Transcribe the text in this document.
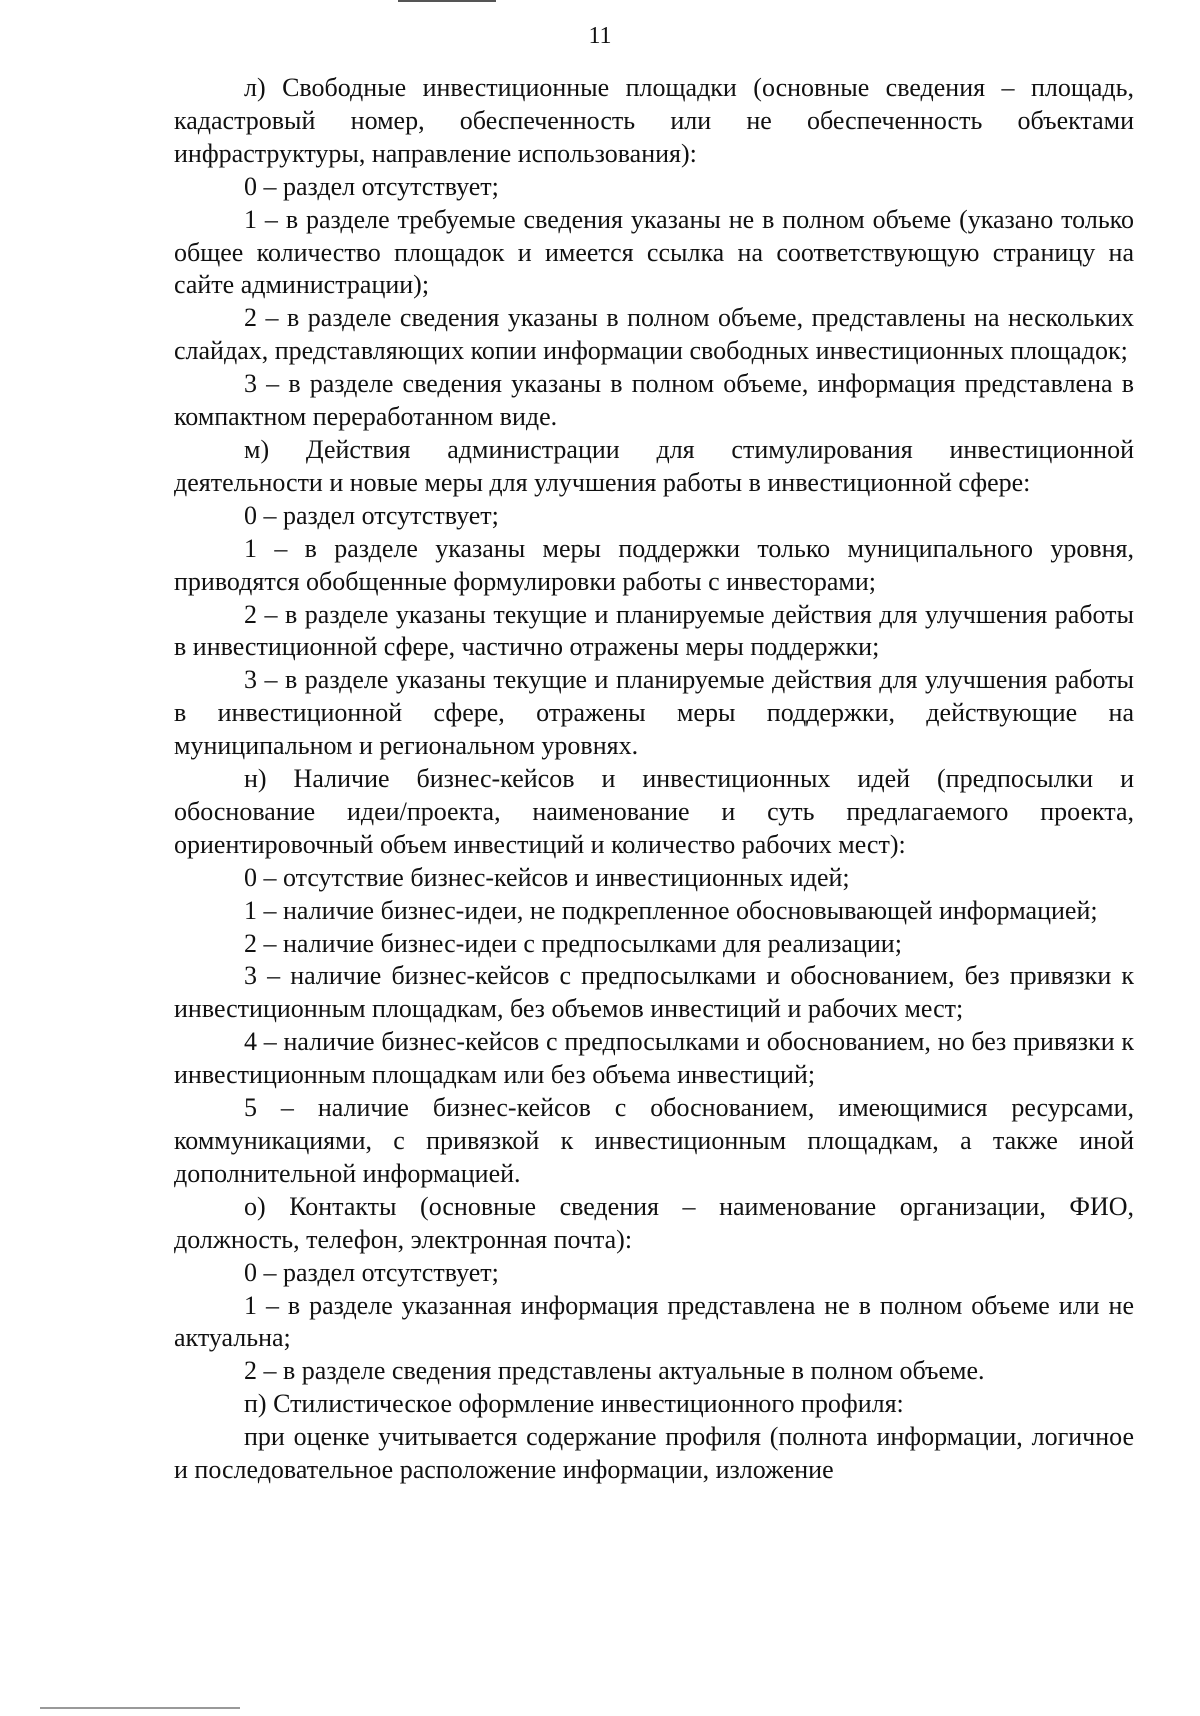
11

л) Свободные инвестиционные площадки (основные сведения – площадь, кадастровый номер, обеспеченность или не обеспеченность объектами инфраструктуры, направление использования):

0 – раздел отсутствует;

1 – в разделе требуемые сведения указаны не в полном объеме (указано только общее количество площадок и имеется ссылка на соответствующую страницу на сайте администрации);

2 – в разделе сведения указаны в полном объеме, представлены на нескольких слайдах, представляющих копии информации свободных инвестиционных площадок;

3 – в разделе сведения указаны в полном объеме, информация представлена в компактном переработанном виде.

м) Действия администрации для стимулирования инвестиционной деятельности и новые меры для улучшения работы в инвестиционной сфере:

0 – раздел отсутствует;

1 – в разделе указаны меры поддержки только муниципального уровня, приводятся обобщенные формулировки работы с инвесторами;

2 – в разделе указаны текущие и планируемые действия для улучшения работы в инвестиционной сфере, частично отражены меры поддержки;

3 – в разделе указаны текущие и планируемые действия для улучшения работы в инвестиционной сфере, отражены меры поддержки, действующие на муниципальном и региональном уровнях.

н) Наличие бизнес-кейсов и инвестиционных идей (предпосылки и обоснование идеи/проекта, наименование и суть предлагаемого проекта, ориентировочный объем инвестиций и количество рабочих мест):

0 – отсутствие бизнес-кейсов и инвестиционных идей;

1 – наличие бизнес-идеи, не подкрепленное обосновывающей информацией;

2 – наличие бизнес-идеи с предпосылками для реализации;

3 – наличие бизнес-кейсов с предпосылками и обоснованием, без привязки к инвестиционным площадкам, без объемов инвестиций и рабочих мест;

4 – наличие бизнес-кейсов с предпосылками и обоснованием, но без привязки к инвестиционным площадкам или без объема инвестиций;

5 – наличие бизнес-кейсов с обоснованием, имеющимися ресурсами, коммуникациями, с привязкой к инвестиционным площадкам, а также иной дополнительной информацией.

о) Контакты (основные сведения – наименование организации, ФИО, должность, телефон, электронная почта):

0 – раздел отсутствует;

1 – в разделе указанная информация представлена не в полном объеме или не актуальна;

2 – в разделе сведения представлены актуальные в полном объеме.

п) Стилистическое оформление инвестиционного профиля:

при оценке учитывается содержание профиля (полнота информации, логичное и последовательное расположение информации, изложение
